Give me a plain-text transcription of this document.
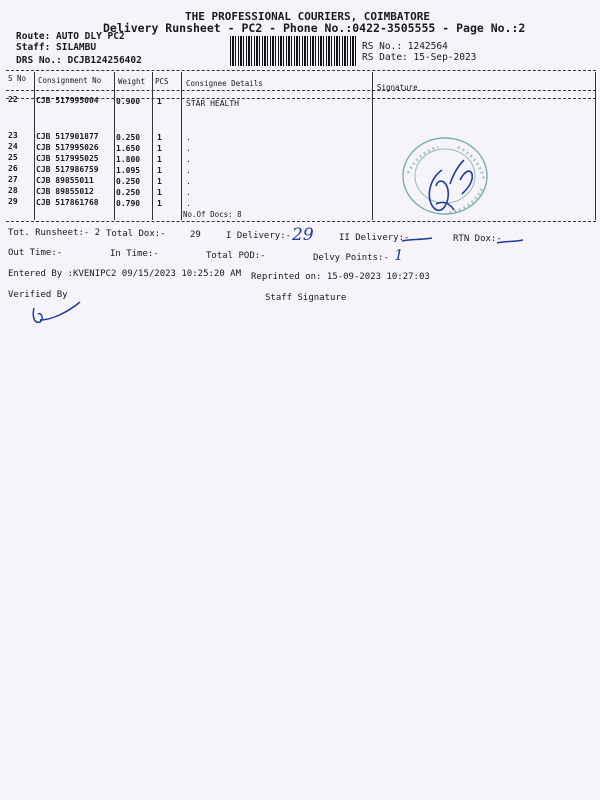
THE PROFESSIONAL COURIERS, COIMBATORE
Delivery Runsheet - PC2 - Phone No.:0422-3505555 - Page No.:2
Route: AUTO DLY PC2
Staff: SILAMBU
DRS No.: DCJB124256402
RS No.: 1242564
RS Date: 15-Sep-2023
S No Consignment No Weight PCS Consignee Details	Signature
22 CJB 517995004 0.900 1	STAR HEALTH
23 CJB 517901877 0.250 1	.
24 CJB 517995026 1.650 1	.
25 CJB 517995025 1.800 1	.
26 CJB 517986759 1.095 1	.
27 CJB 89855011	0.250 1	.
28 CJB 89855012	0.250 1	.
29 CJB 517861768 0.790 1	.
No.Of Docs: 8
Tot. Runsheet:- 2 Total Dox:-	29	I Delivery:- 29	II Delivery:-	RTN Dox:-
Out Time:-	In Time:-	Total POD:-	Delvy Points:- 1
Entered By :KVENIPC2 09/15/2023 10:25:20 AM Reprinted on: 15-09-2023 10:27:03
Verified By	Staff Signature
